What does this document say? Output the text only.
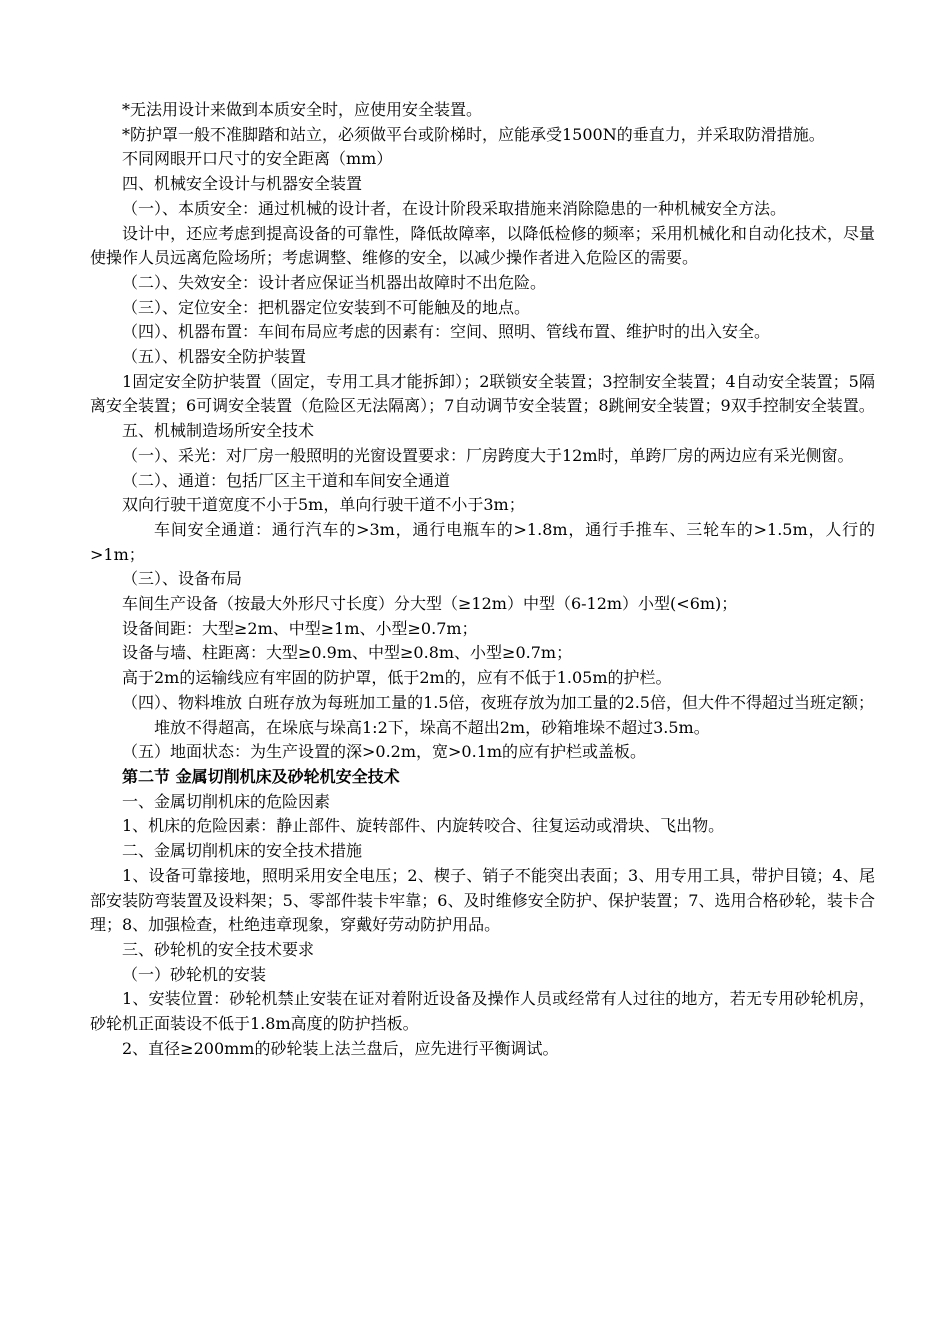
*无法用设计来做到本质安全时，应使用安全装置。

*防护罩一般不准脚踏和站立，必须做平台或阶梯时，应能承受1500N的垂直力，并采取防滑措施。

不同网眼开口尺寸的安全距离（mm）

四、机械安全设计与机器安全装置

（一）、本质安全：通过机械的设计者，在设计阶段采取措施来消除隐患的一种机械安全方法。

设计中，还应考虑到提高设备的可靠性，降低故障率，以降低检修的频率；采用机械化和自动化技术，尽量使操作人员远离危险场所；考虑调整、维修的安全，以减少操作者进入危险区的需要。

（二）、失效安全：设计者应保证当机器出故障时不出危险。

（三）、定位安全：把机器定位安装到不可能触及的地点。

（四）、机器布置：车间布局应考虑的因素有：空间、照明、管线布置、维护时的出入安全。

（五）、机器安全防护装置

1固定安全防护装置（固定，专用工具才能拆卸）；2联锁安全装置；3控制安全装置；4自动安全装置；5隔离安全装置；6可调安全装置（危险区无法隔离）；7自动调节安全装置；8跳闸安全装置；9双手控制安全装置。

五、机械制造场所安全技术

（一）、采光：对厂房一般照明的光窗设置要求：厂房跨度大于12m时，单跨厂房的两边应有采光侧窗。

（二）、通道：包括厂区主干道和车间安全通道

双向行驶干道宽度不小于5m，单向行驶干道不小于3m；

车间安全通道：通行汽车的>3m，通行电瓶车的>1.8m，通行手推车、三轮车的>1.5m，人行的>1m；

（三）、设备布局

车间生产设备（按最大外形尺寸长度）分大型（≥12m）中型（6-12m）小型(<6m)；

设备间距：大型≥2m、中型≥1m、小型≥0.7m；

设备与墙、柱距离：大型≥0.9m、中型≥0.8m、小型≥0.7m；

高于2m的运输线应有牢固的防护罩，低于2m的，应有不低于1.05m的护栏。

（四）、物料堆放 白班存放为每班加工量的1.5倍，夜班存放为加工量的2.5倍，但大件不得超过当班定额；

堆放不得超高，在垛底与垛高1:2下，垛高不超出2m，砂箱堆垛不超过3.5m。

（五）地面状态：为生产设置的深>0.2m，宽>0.1m的应有护栏或盖板。

第二节 金属切削机床及砂轮机安全技术

一、金属切削机床的危险因素

1、机床的危险因素：静止部件、旋转部件、内旋转咬合、往复运动或滑块、飞出物。

二、金属切削机床的安全技术措施

1、设备可靠接地，照明采用安全电压；2、楔子、销子不能突出表面；3、用专用工具，带护目镜；4、尾部安装防弯装置及设料架；5、零部件装卡牢靠；6、及时维修安全防护、保护装置；7、选用合格砂轮，装卡合理；8、加强检查，杜绝违章现象，穿戴好劳动防护用品。

三、砂轮机的安全技术要求

（一）砂轮机的安装

1、安装位置：砂轮机禁止安装在证对着附近设备及操作人员或经常有人过往的地方，若无专用砂轮机房，砂轮机正面装设不低于1.8m高度的防护挡板。

2、直径≥200mm的砂轮装上法兰盘后，应先进行平衡调试。
